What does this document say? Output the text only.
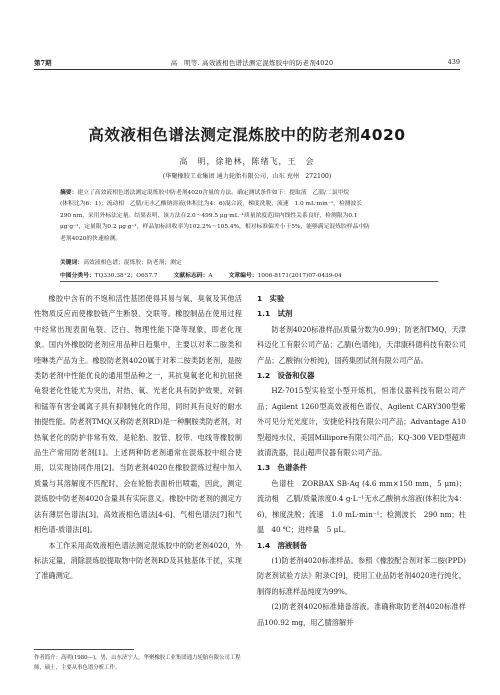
第7期	高　明等. 高效液相色谱法测定混炼胶中的防老剂4020	439
高效液相色谱法测定混炼胶中的防老剂4020
高　明，徐艳林，陈绪飞，王　会
(华聚橡胶工业集团 通力轮胎有限公司，山东 兖州　272100)
摘要：建立了高效液相色谱法测定混炼胶中防老剂4020含量的方法。确定测试条件如下：提取液　乙腈/二氯甲烷
(体积比为6：1)；流动相　乙腈/无水乙酸钠溶液(体积比为4：6)混合液，梯度洗脱，流速　1.0 mL·min⁻¹，检测波长
290 nm，采用外标法定量。结果表明，该方法在2.0～499.5 μg·mL⁻¹质量浓度范围内线性关系良好，检测限为0.1
μg·g⁻¹，定量限为0.2 μg·g⁻¹，样品加标回收率为102.2%～105.4%，相对标准偏差小于5%，能够满足混炼胶样品中防
老剂4020的快速检测。
关键词：高效液相色谱；混炼胶；防老剂；测定
中图分类号：TQ330.38⁺2；O657.7	文献标志码：A	文章编号：1006-8171(2017)07-0439-04

橡胶中含有的不饱和活性基团使得其易与氧、臭氧及其他活性物质反应而使橡胶链产生断裂、交联等。橡胶制品在使用过程中经常出现表面龟裂、泛白、物理性能下降等现象，即老化现象。国内外橡胶防老剂应用品种日趋集中，主要以对苯二胺类和喹啉类产品为主。橡胶防老剂4020属于对苯二胺类防老剂，是胺类防老剂中性能优良的通用型品种之一，其抗臭氧老化和抗屈挠龟裂老化性能尤为突出，对热、氧、光老化具有防护效果，对铜和锰等有害金属离子具有抑制钝化的作用，同时具有良好的耐水抽提性能。防老剂TMQ(又称防老剂RD)是一种酮胺类防老剂，对热氧老化的防护非常有效，是轮胎、胶管、胶带、电线等橡胶制品生产常用防老剂[1]。上述两种防老剂通常在混炼胶中组合使用，以实现协同作用[2]。当防老剂4020在橡胶混炼过程中加入质量与其溶解度不匹配时，会在轮胎表面析出喷霜，因此，测定混炼胶中防老剂4020含量具有实际意义。橡胶中防老剂的测定方法有薄层色谱法[3]、高效液相色谱法[4-6]、气相色谱法[7]和气相色谱-质谱法[8]。

本工作采用高效液相色谱法测定混炼胶中的防老剂4020，外标法定量，消除混炼胶提取物中防老剂RD及其他基体干扰，实现了准确测定。

1　实验
1.1　试剂

防老剂4020标准样品(质量分数为0.99)；防老剂TMQ，天津科迈化工有限公司产品；乙腈(色谱纯)，天津康科德科技有限公司产品；乙酸钠(分析纯)，国药集团试剂有限公司产品。

1.2　设备和仪器

HZ-7015型实验室小型开炼机，恒准仪器科技有限公司产品；Agilent 1260型高效液相色谱仪，Agilent CARY300型紫外可见分光光度计，安捷伦科技有限公司产品；Advantage A10型超纯水仪，美国Millipore有限公司产品；KQ-300 VED型超声波清洗器，昆山超声仪器有限公司产品。

1.3　色谱条件

色谱柱　ZORBAX SB-Aq (4.6 mm×150 mm，5 μm)；流动相　乙腈/质量浓度0.4 g·L⁻¹无水乙酸钠水溶液(体积比为4：6)，梯度洗脱；流速　1.0 mL·min⁻¹；检测波长　290 nm；柱温　40 ℃；进样量　5 μL。

1.4　溶液制备

(1)防老剂4020标准样品。参照《橡胶配合剂对苯二胺(PPD)防老剂试验方法》附录C[9]，使用工业品防老剂4020进行纯化，制得的标准样品纯度为99%。

(2)防老剂4020标准储备溶液。准确称取防老剂4020标准样品100.92 mg，用乙腈溶解并

作者简介：高明(1980—)，男，山东济宁人，华聚橡胶工业集团通力轮胎有限公司工程师，硕士，主要从事色谱分析工作。
